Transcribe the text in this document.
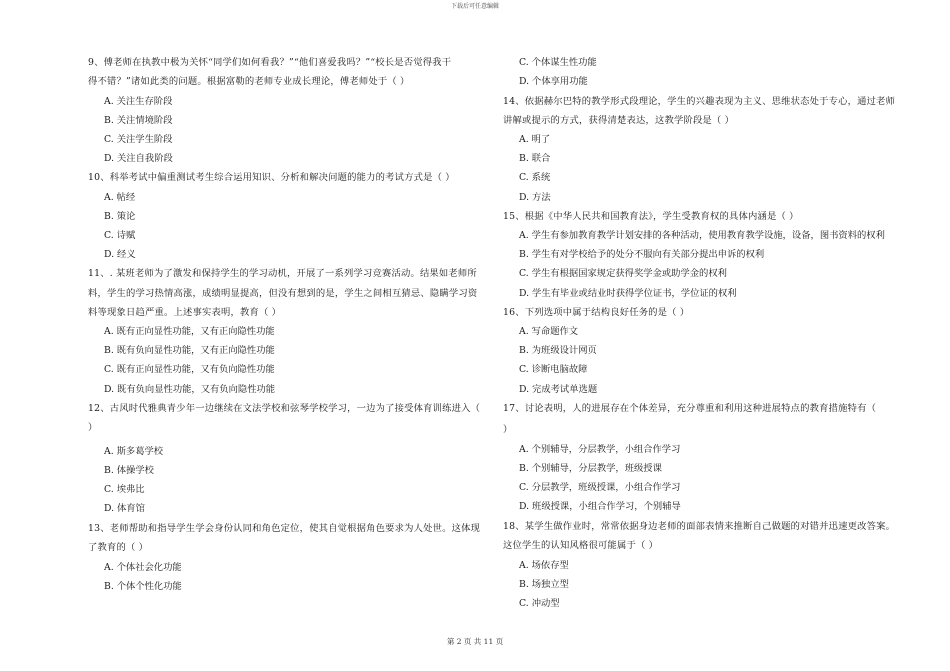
下载后可任意编辑
9、傅老师在执教中极为关怀“同学们如何看我？”“他们喜爱我吗？”“校长是否觉得我干
得不错？”诸如此类的问题。根据富勒的老师专业成长理论，傅老师处于（ ）
A. 关注生存阶段
B. 关注情境阶段
C. 关注学生阶段
D. 关注自我阶段
10、科举考试中偏重测试考生综合运用知识、分析和解决问题的能力的考试方式是（ ）
A. 帖经
B. 策论
C. 诗赋
D. 经义
11、. 某班老师为了激发和保持学生的学习动机，开展了一系列学习竞赛活动。结果如老师所
料，学生的学习热情高涨，成绩明显提高，但没有想到的是，学生之间相互猜忌、隐瞒学习资
料等现象日趋严重。上述事实表明，教育（ ）
A. 既有正向显性功能，又有正向隐性功能
B. 既有负向显性功能，又有正向隐性功能
C. 既有正向显性功能，又有负向隐性功能
D. 既有负向显性功能，又有负向隐性功能
12、古风时代雅典青少年一边继续在文法学校和弦琴学校学习，一边为了接受体育训练进入（
）
A. 斯多葛学校
B. 体操学校
C. 埃弗比
D. 体育馆
13、老师帮助和指导学生学会身份认同和角色定位，使其自觉根据角色要求为人处世。这体现
了教育的（ ）
A. 个体社会化功能
B. 个体个性化功能
C. 个体谋生性功能
D. 个体享用功能
14、依据赫尔巴特的教学形式段理论，学生的兴趣表现为主义、思维状态处于专心，通过老师
讲解或提示的方式，获得清楚表达，这教学阶段是（ ）
A. 明了
B. 联合
C. 系统
D. 方法
15、根据《中华人民共和国教育法》，学生受教育权的具体内涵是（ ）
A. 学生有参加教育教学计划安排的各种活动，使用教育教学设施，设备，图书资料的权利
B. 学生有对学校给予的处分不服向有关部分提出申诉的权利
C. 学生有根据国家规定获得奖学金或助学金的权利
D. 学生有毕业或结业时获得学位证书，学位证的权利
16、下列选项中属于结构良好任务的是（ ）
A. 写命题作文
B. 为班级设计网页
C. 诊断电脑故障
D. 完成考试单选题
17、讨论表明，人的进展存在个体差异，充分尊重和利用这种进展特点的教育措施特有（
）
A. 个别辅导，分层教学，小组合作学习
B. 个别辅导，分层教学，班级授课
C. 分层教学，班级授课，小组合作学习
D. 班级授课，小组合作学习，个别辅导
18、某学生做作业时，常常依据身边老师的面部表情来推断自己做题的对错并迅速更改答案。
这位学生的认知风格很可能属于（ ）
A. 场依存型
B. 场独立型
C. 冲动型
第 2 页 共 11 页
